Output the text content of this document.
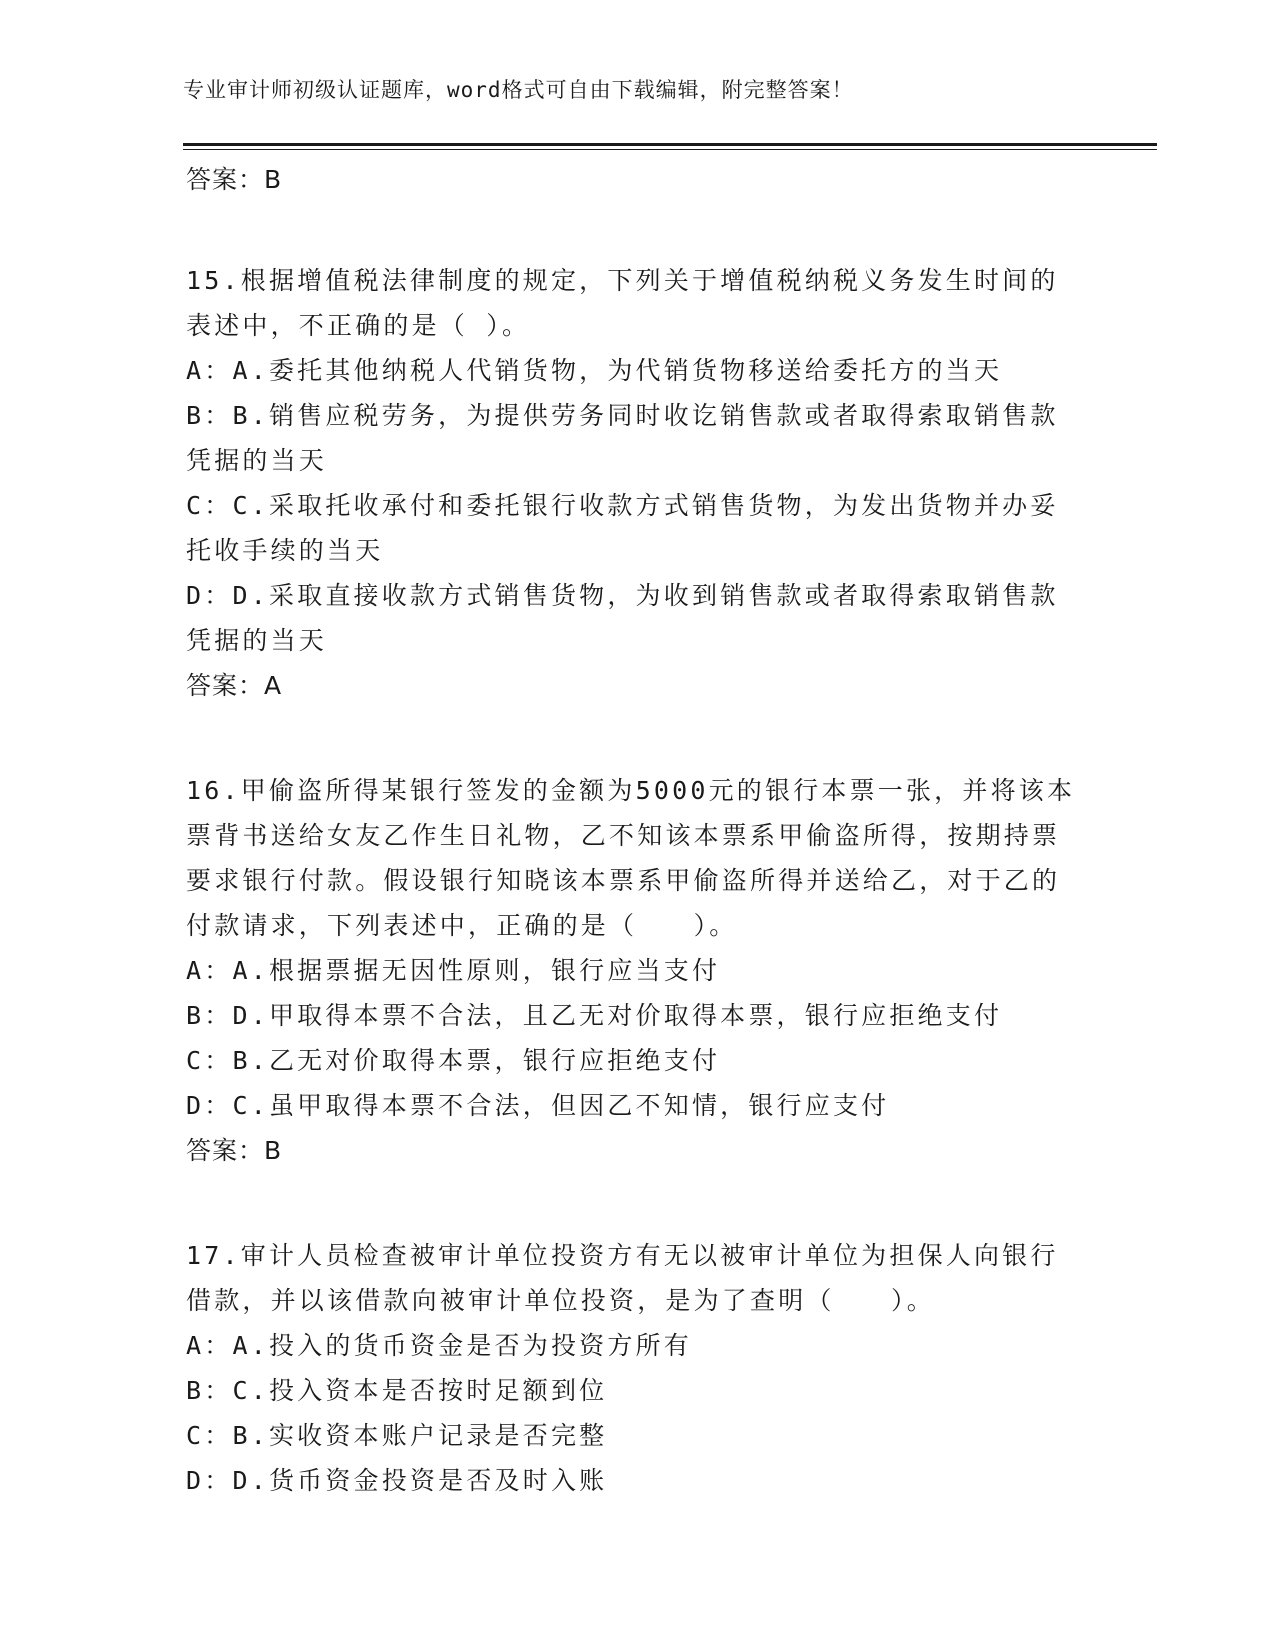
专业审计师初级认证题库，word格式可自由下载编辑，附完整答案！
答案：B
15.根据增值税法律制度的规定，下列关于增值税纳税义务发生时间的表述中，不正确的是（ ）。
A：A.委托其他纳税人代销货物，为代销货物移送给委托方的当天
B：B.销售应税劳务，为提供劳务同时收讫销售款或者取得索取销售款凭据的当天
C：C.采取托收承付和委托银行收款方式销售货物，为发出货物并办妥托收手续的当天
D：D.采取直接收款方式销售货物，为收到销售款或者取得索取销售款凭据的当天
答案：A
16.甲偷盗所得某银行签发的金额为5000元的银行本票一张，并将该本票背书送给女友乙作生日礼物，乙不知该本票系甲偷盗所得，按期持票要求银行付款。假设银行知晓该本票系甲偷盗所得并送给乙，对于乙的付款请求，下列表述中，正确的是（　　）。
A：A.根据票据无因性原则，银行应当支付
B：D.甲取得本票不合法，且乙无对价取得本票，银行应拒绝支付
C：B.乙无对价取得本票，银行应拒绝支付
D：C.虽甲取得本票不合法，但因乙不知情，银行应支付
答案：B
17.审计人员检查被审计单位投资方有无以被审计单位为担保人向银行借款，并以该借款向被审计单位投资，是为了查明（　　）。
A：A.投入的货币资金是否为投资方所有
B：C.投入资本是否按时足额到位
C：B.实收资本账户记录是否完整
D：D.货币资金投资是否及时入账
